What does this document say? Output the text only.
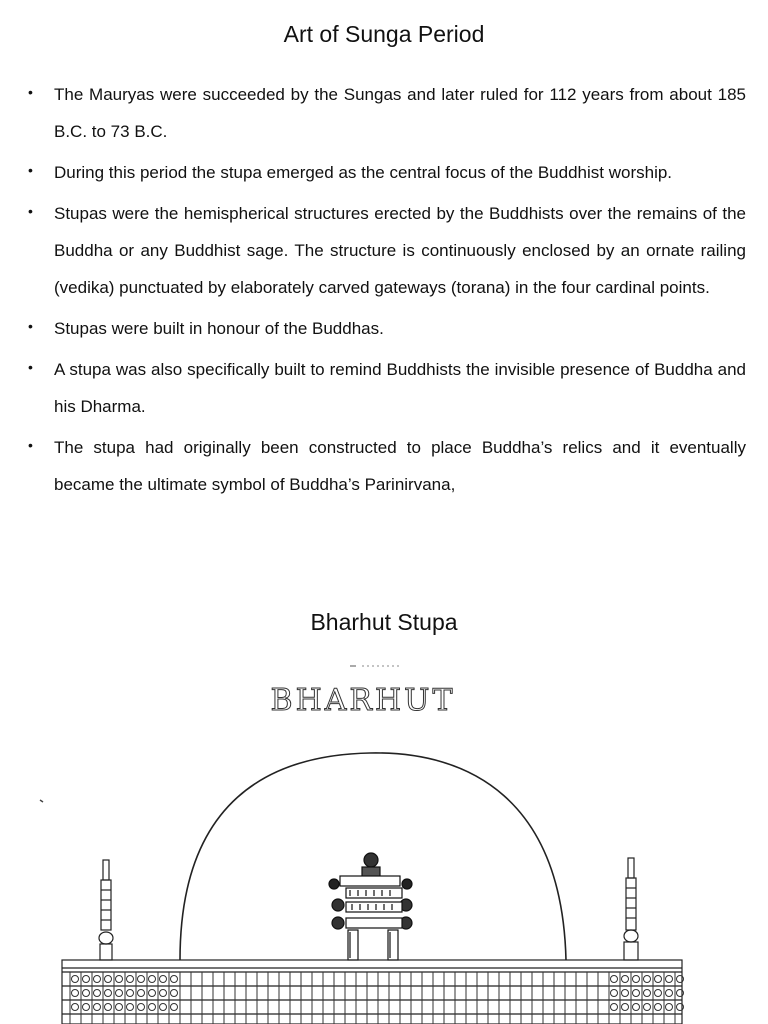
Art of Sunga Period
• The Mauryas were succeeded by the Sungas and later ruled for 112 years from about 185 B.C. to 73 B.C.
• During this period the stupa emerged as the central focus of the Buddhist worship.
• Stupas were the hemispherical structures erected by the Buddhists over the remains of the Buddha or any Buddhist sage. The structure is continuously enclosed by an ornate railing (vedika) punctuated by elaborately carved gateways (torana) in the four cardinal points.
• Stupas were built in honour of the Buddhas.
• A stupa was also specifically built to remind Buddhists the invisible presence of Buddha and his Dharma.
• The stupa had originally been constructed to place Buddha’s relics and it eventually became the ultimate symbol of Buddha’s Parinirvana,
Bharhut Stupa
BHARHUT
